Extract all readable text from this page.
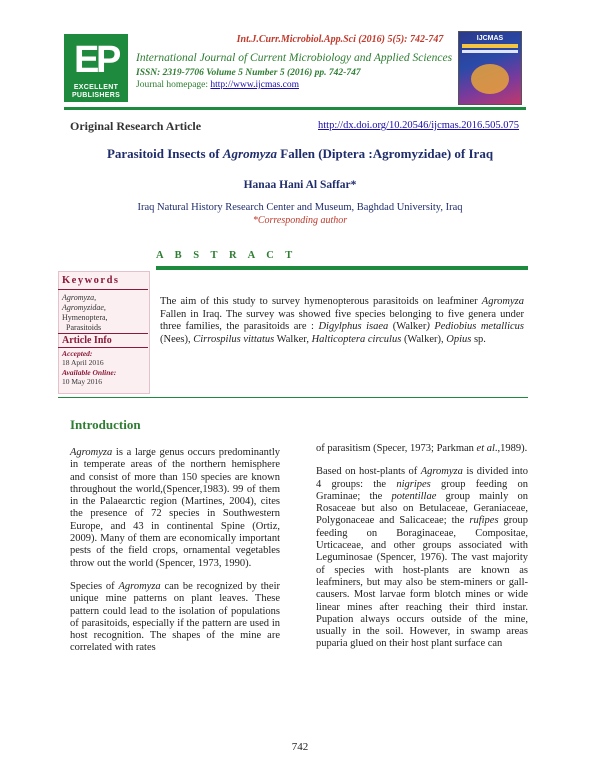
Int.J.Curr.Microbiol.App.Sci (2016) 5(5): 742-747
E
P
EXCELLENT
PUBLISHERS
International Journal of Current Microbiology and Applied Sciences
ISSN: 2319-7706 Volume 5 Number 5 (2016) pp. 742-747
Journal homepage: http://www.ijcmas.com
IJCMAS
Original Research Article	http://dx.doi.org/10.20546/ijcmas.2016.505.075
Parasitoid Insects of Agromyza Fallen (Diptera :Agromyzidae) of Iraq
Hanaa Hani Al Saffar*
Iraq Natural History Research Center and Museum, Baghdad University, Iraq
*Corresponding author
A B S T R A C T
Keywords
Agromyza,
Agromyzidae,
Hymenoptera,
Parasitoids
Article Info
Accepted:
18 April 2016
Available Online:
10 May 2016
The aim of this study to survey hymenopterous parasitoids on leafminer Agromyza Fallen in Iraq. The survey was showed five species belonging to five genera under three families, the parasitoids are : Digylphus isaea (Walker) Pediobius metallicus (Nees), Cirrospilus vittatus Walker, Halticoptera circulus (Walker), Opius sp.
Introduction

Agromyza is a large genus occurs predominantly in temperate areas of the northern hemisphere and consist of more than 150 species are known throughout the world,(Spencer,1983). 99 of them in the Palaearctic region (Martines, 2004), cites the presence of 72 species in Southwestern Europe, and 43 in continental Spine (Ortiz, 2009). Many of them are economically important pests of the field crops, ornamental vegetables throw out the world (Spencer, 1973, 1990).

Species of Agromyza can be recognized by their unique mine patterns on plant leaves. These pattern could lead to the isolation of populations of parasitoids, especially if the pattern are used in host recognition. The shapes of the mine are correlated with rates

of parasitism (Specer, 1973; Parkman et al.,1989).

Based on host-plants of Agromyza is divided into 4 groups: the nigripes group feeding on Graminae; the potentillae group mainly on Rosaceae but also on Betulaceae, Geraniaceae, Polygonaceae and Salicaceae; the rufipes group feeding on Boraginaceae, Compositae, Urticaceae, and other groups associated with Leguminosae (Spencer, 1976). The vast majority of species with host-plants are known as leafminers, but may also be stem-miners or gall-causers. Most larvae form blotch mines or wide linear mines after reaching their third instar. Pupation always occurs outside of the mine, usually in the soil. However, in swamp areas puparia glued on their host plant surface can

742
